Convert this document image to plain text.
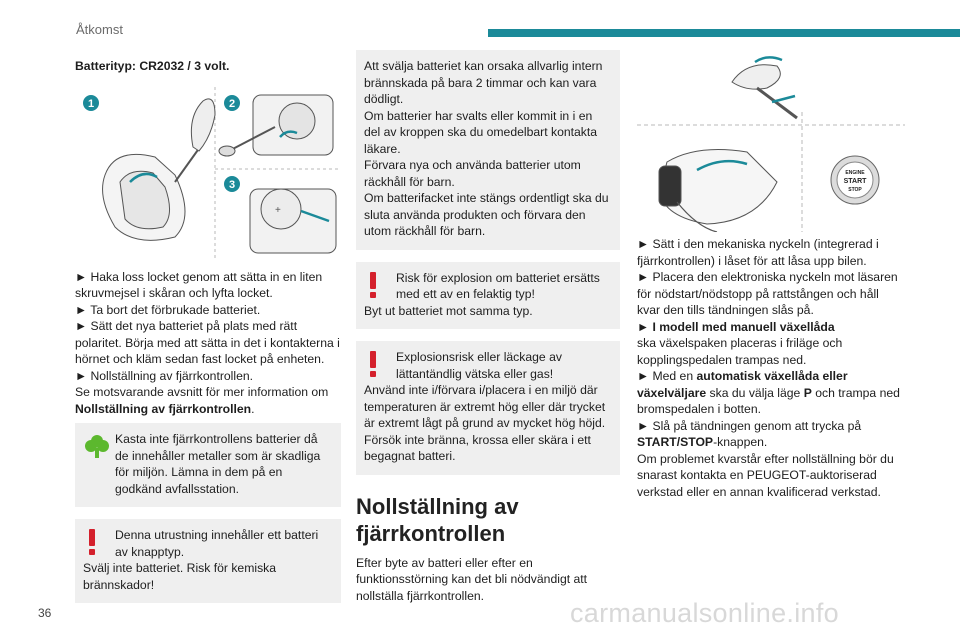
Åtkomst

Batterityp: CR2032 / 3 volt.

+
1	2
3

► Haka loss locket genom att sätta in en liten skruvmejsel i skåran och lyfta locket.

► Ta bort det förbrukade batteriet.

► Sätt det nya batteriet på plats med rätt polaritet. Börja med att sätta in det i kontakterna i hörnet och kläm sedan fast locket på enheten.

► Nollställning av fjärrkontrollen.

Se motsvarande avsnitt för mer information om Nollställning av fjärrkontrollen.

Kasta inte fjärrkontrollens batterier då de innehåller metaller som är skadliga för miljön. Lämna in dem på en godkänd avfallsstation.

Denna utrustning innehåller ett batteri av knapptyp.

Svälj inte batteriet. Risk för kemiska brännskador!

Att svälja batteriet kan orsaka allvarlig intern brännskada på bara 2 timmar och kan vara dödligt.

Om batterier har svalts eller kommit in i en del av kroppen ska du omedelbart kontakta läkare.

Förvara nya och använda batterier utom räckhåll för barn.

Om batterifacket inte stängs ordentligt ska du sluta använda produkten och förvara den utom räckhåll för barn.

Risk för explosion om batteriet ersätts med ett av en felaktig typ!

Byt ut batteriet mot samma typ.

Explosionsrisk eller läckage av lättantändlig vätska eller gas!

Använd inte i/förvara i/placera i en miljö där temperaturen är extremt hög eller där trycket är extremt lågt på grund av mycket hög höjd. Försök inte bränna, krossa eller skära i ett begagnat batteri.

Nollställning av fjärrkontrollen

Efter byte av batteri eller efter en funktionsstörning kan det bli nödvändigt att nollställa fjärrkontrollen.

ENGINE
START
STOP

► Sätt i den mekaniska nyckeln (integrerad i fjärrkontrollen) i låset för att låsa upp bilen.

► Placera den elektroniska nyckeln mot läsaren för nödstart/nödstopp på rattstången och håll kvar den tills tändningen slås på.

► I modell med manuell växellåda
ska växelspaken placeras i friläge och kopplingspedalen trampas ned.

► Med en automatisk växellåda eller växelväljare ska du välja läge P och trampa ned bromspedalen i botten.

► Slå på tändningen genom att trycka på
START/STOP-knappen.

Om problemet kvarstår efter nollställning bör du snarast kontakta en PEUGEOT-auktoriserad verkstad eller en annan kvalificerad verkstad.

36	carmanualsonline.info
